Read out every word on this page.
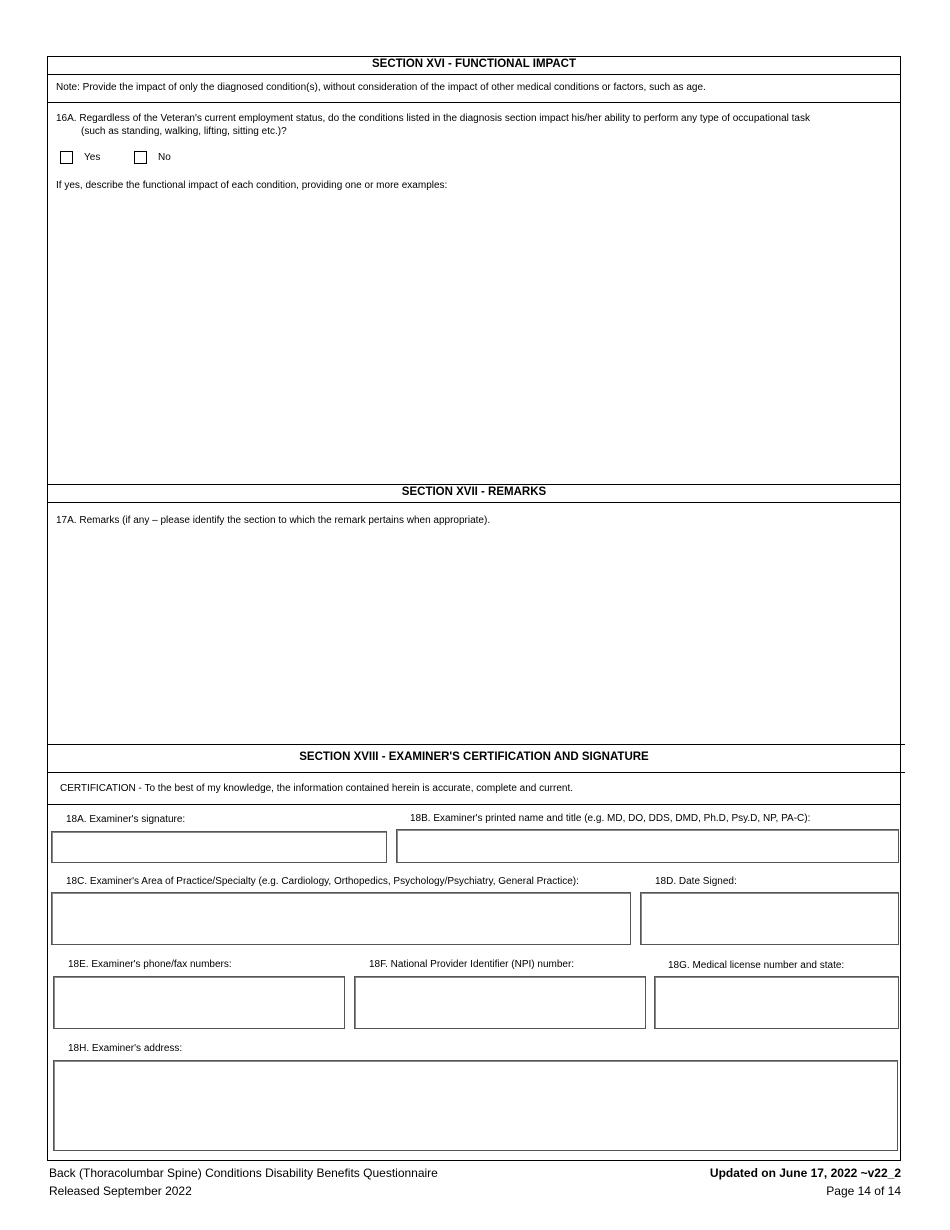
SECTION XVI - FUNCTIONAL IMPACT
Note: Provide the impact of only the diagnosed condition(s), without consideration of the impact of other medical conditions or factors, such as age.
16A. Regardless of the Veteran's current employment status, do the conditions listed in the diagnosis section impact his/her ability to perform any type of occupational task
(such as standing, walking, lifting, sitting etc.)?
Yes	No
If yes, describe the functional impact of each condition, providing one or more examples:
SECTION XVII - REMARKS
17A. Remarks (if any – please identify the section to which the remark pertains when appropriate).
SECTION XVIII - EXAMINER'S CERTIFICATION AND SIGNATURE
CERTIFICATION - To the best of my knowledge, the information contained herein is accurate, complete and current.
18A. Examiner's signature:	18B. Examiner's printed name and title (e.g. MD, DO, DDS, DMD, Ph.D, Psy.D, NP, PA-C):
18C. Examiner's Area of Practice/Specialty (e.g. Cardiology, Orthopedics, Psychology/Psychiatry, General Practice):	18D. Date Signed:
18E. Examiner's phone/fax numbers:	18F. National Provider Identifier (NPI) number:	18G. Medical license number and state:
18H. Examiner's address:
Back (Thoracolumbar Spine) Conditions Disability Benefits Questionnaire
Released September 2022
Updated on June 17, 2022 ~v22_2
Page 14 of 14
